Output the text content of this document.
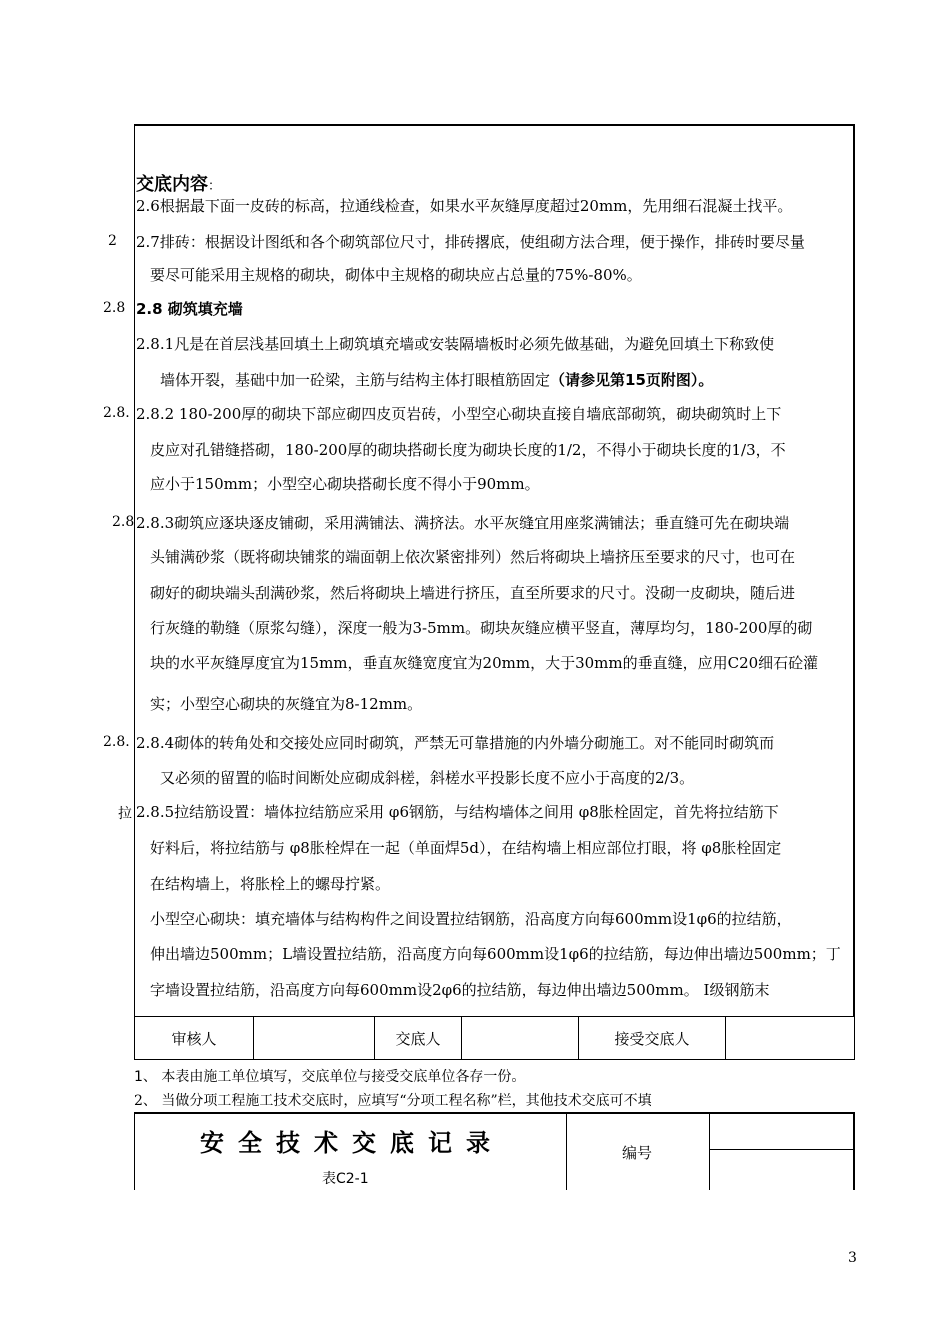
交底内容：
2
2.8
2.8.
2.8
2.8.
拉
2.6根据最下面一皮砖的标高，拉通线检查，如果水平灰缝厚度超过20mm，先用细石混凝土找平。
2.7排砖：根据设计图纸和各个砌筑部位尺寸，排砖撂底，使组砌方法合理，便于操作，排砖时要尽量
要尽可能采用主规格的砌块，砌体中主规格的砌块应占总量的75%-80%。
2.8 砌筑填充墙
2.8.1凡是在首层浅基回填土上砌筑填充墙或安装隔墙板时必须先做基础，为避免回填土下称致使
墙体开裂，基础中加一砼梁，主筋与结构主体打眼植筋固定（请参见第15页附图）。
2.8.2 180-200厚的砌块下部应砌四皮页岩砖，小型空心砌块直接自墙底部砌筑，砌块砌筑时上下
皮应对孔错缝搭砌，180-200厚的砌块搭砌长度为砌块长度的1/2，不得小于砌块长度的1/3，不
应小于150mm；小型空心砌块搭砌长度不得小于90mm。
2.8.3砌筑应逐块逐皮铺砌，采用满铺法、满挤法。水平灰缝宜用座浆满铺法；垂直缝可先在砌块端
头铺满砂浆（既将砌块铺浆的端面朝上依次紧密排列）然后将砌块上墙挤压至要求的尺寸，也可在
砌好的砌块端头刮满砂浆，然后将砌块上墙进行挤压，直至所要求的尺寸。没砌一皮砌块，随后进
行灰缝的勒缝（原浆勾缝），深度一般为3-5mm。砌块灰缝应横平竖直，薄厚均匀，180-200厚的砌
块的水平灰缝厚度宜为15mm，垂直灰缝宽度宜为20mm，大于30mm的垂直缝，应用C20细石砼灌
实；小型空心砌块的灰缝宜为8-12mm。
2.8.4砌体的转角处和交接处应同时砌筑，严禁无可靠措施的内外墙分砌施工。对不能同时砌筑而
又必须的留置的临时间断处应砌成斜槎，斜槎水平投影长度不应小于高度的2/3。
2.8.5拉结筋设置：墙体拉结筋应采用 φ6钢筋，与结构墙体之间用 φ8胀栓固定，首先将拉结筋下
好料后，将拉结筋与 φ8胀栓焊在一起（单面焊5d），在结构墙上相应部位打眼，将 φ8胀栓固定
在结构墙上，将胀栓上的螺母拧紧。
小型空心砌块：填充墙体与结构构件之间设置拉结钢筋，沿高度方向每600mm设1φ6的拉结筋，
伸出墙边500mm；L墙设置拉结筋，沿高度方向每600mm设1φ6的拉结筋，每边伸出墙边500mm；丁
字墙设置拉结筋，沿高度方向每600mm设2φ6的拉结筋，每边伸出墙边500mm。 Ⅰ级钢筋末
审核人		交底人		接受交底人	
1、 本表由施工单位填写，交底单位与接受交底单位各存一份。
2、 当做分项工程施工技术交底时，应填写“分项工程名称”栏，其他技术交底可不填
安全技术交底记录
表C2-1
编号
3
